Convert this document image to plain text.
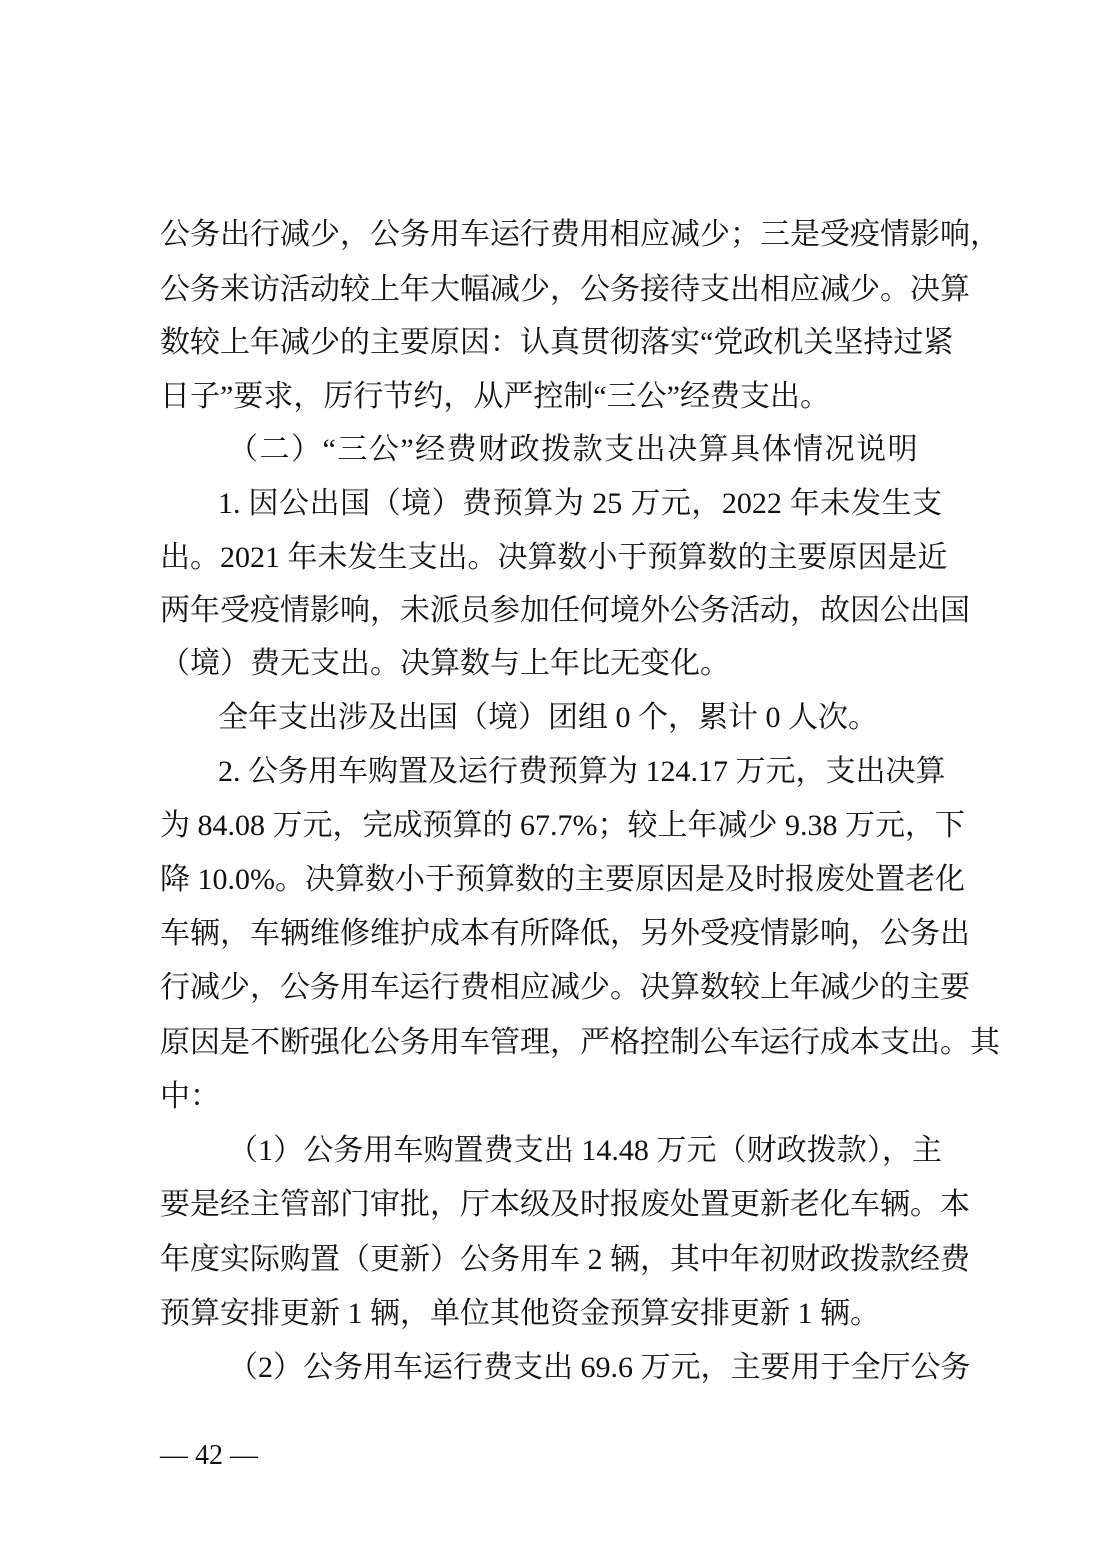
公务出行减少，公务用车运行费用相应减少；三是受疫情影响，
公务来访活动较上年大幅减少，公务接待支出相应减少。决算
数较上年减少的主要原因：认真贯彻落实“党政机关坚持过紧
日子”要求，厉行节约，从严控制“三公”经费支出。
（二）“三公”经费财政拨款支出决算具体情况说明
1. 因公出国（境）费预算为 25 万元，2022 年未发生支
出。2021 年未发生支出。决算数小于预算数的主要原因是近
两年受疫情影响，未派员参加任何境外公务活动，故因公出国
（境）费无支出。决算数与上年比无变化。
全年支出涉及出国（境）团组 0 个，累计 0 人次。
2. 公务用车购置及运行费预算为 124.17 万元，支出决算
为 84.08 万元，完成预算的 67.7%；较上年减少 9.38 万元，下
降 10.0%。决算数小于预算数的主要原因是及时报废处置老化
车辆，车辆维修维护成本有所降低，另外受疫情影响，公务出
行减少，公务用车运行费相应减少。决算数较上年减少的主要
原因是不断强化公务用车管理，严格控制公车运行成本支出。其
中：
（1）公务用车购置费支出 14.48 万元（财政拨款），主
要是经主管部门审批，厅本级及时报废处置更新老化车辆。本
年度实际购置（更新）公务用车 2 辆，其中年初财政拨款经费
预算安排更新 1 辆，单位其他资金预算安排更新 1 辆。
（2）公务用车运行费支出 69.6 万元，主要用于全厅公务
— 42 —
